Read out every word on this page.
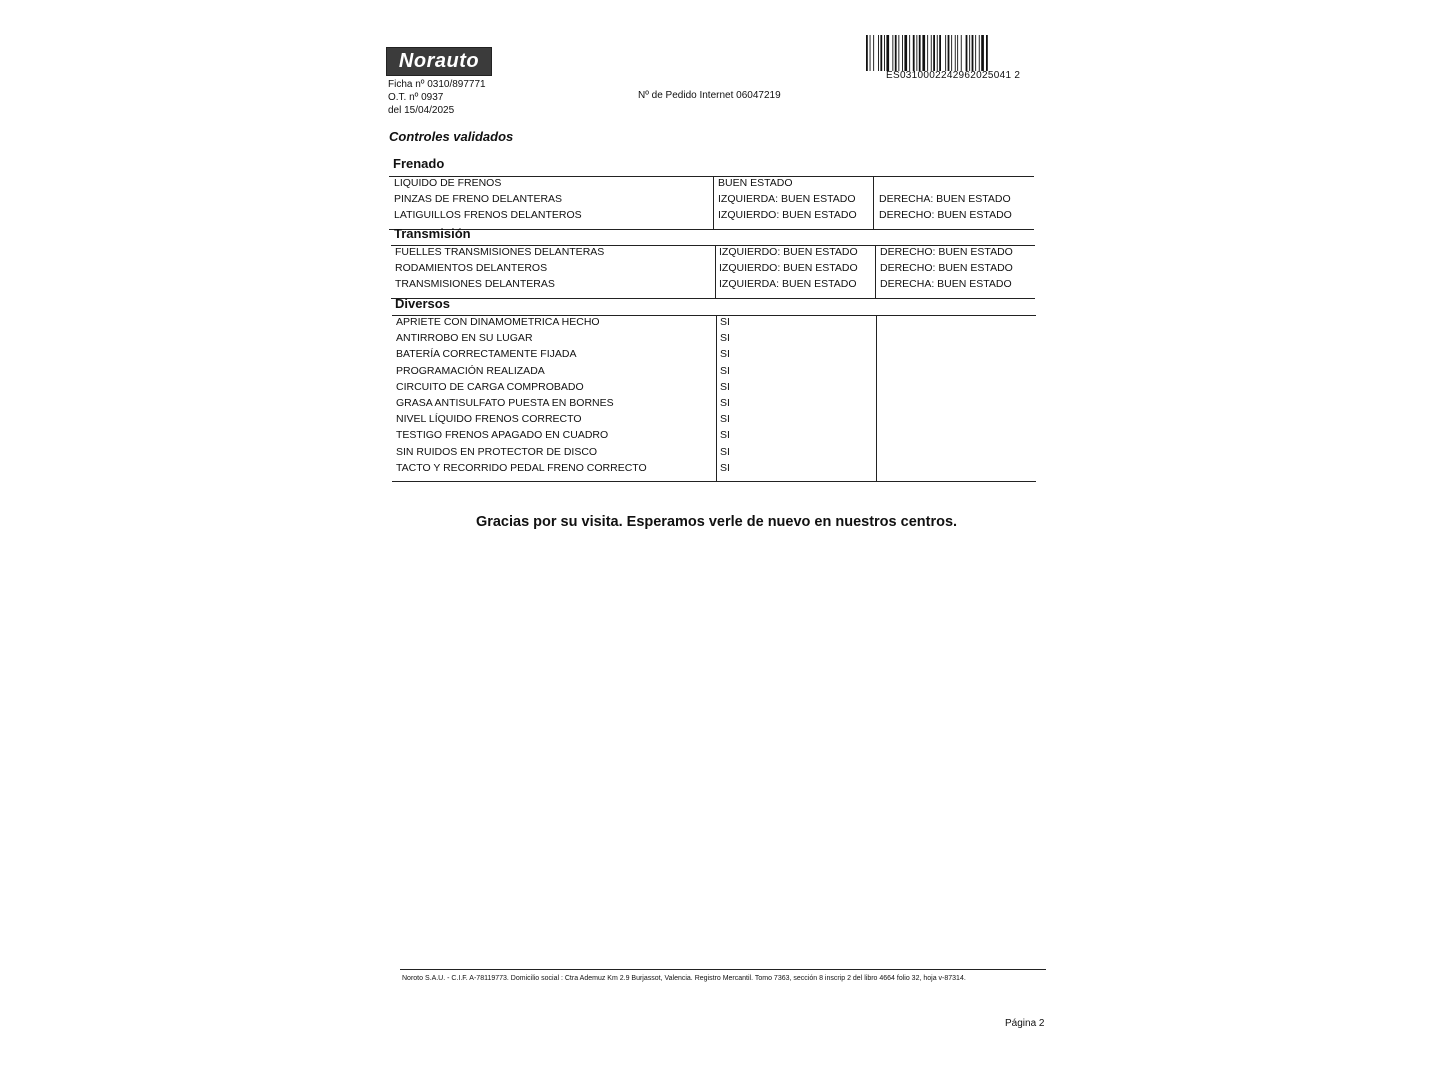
Norauto
Ficha nº 0310/897771
O.T. nº 0937
del 15/04/2025
Nº de Pedido Internet 06047219
ES0310002242962025041 2
Controles validados
Frenado
LIQUIDO DE FRENOS	BUEN ESTADO
PINZAS DE FRENO DELANTERAS	IZQUIERDA: BUEN ESTADO DERECHA: BUEN ESTADO
LATIGUILLOS FRENOS DELANTEROS	IZQUIERDO: BUEN ESTADO DERECHO: BUEN ESTADO
Transmisión
FUELLES TRANSMISIONES DELANTERAS	IZQUIERDO: BUEN ESTADO DERECHO: BUEN ESTADO
RODAMIENTOS DELANTEROS	IZQUIERDO: BUEN ESTADO DERECHO: BUEN ESTADO
TRANSMISIONES DELANTERAS	IZQUIERDA: BUEN ESTADO DERECHA: BUEN ESTADO
Diversos
APRIETE CON DINAMOMETRICA HECHO	SI
ANTIRROBO EN SU LUGAR	SI
BATERÍA CORRECTAMENTE FIJADA	SI
PROGRAMACIÓN REALIZADA	SI
CIRCUITO DE CARGA COMPROBADO	SI
GRASA ANTISULFATO PUESTA EN BORNES	SI
NIVEL LÍQUIDO FRENOS CORRECTO	SI
TESTIGO FRENOS APAGADO EN CUADRO	SI
SIN RUIDOS EN PROTECTOR DE DISCO	SI
TACTO Y RECORRIDO PEDAL FRENO CORRECTO	SI
Gracias por su visita. Esperamos verle de nuevo en nuestros centros.
Noroto S.A.U. - C.I.F. A-78119773. Domicilio social : Ctra Ademuz Km 2.9 Burjassot, Valencia. Registro Mercantil. Tomo 7363, sección 8 inscrip 2 del libro 4664 folio 32, hoja v-87314.
Página 2
